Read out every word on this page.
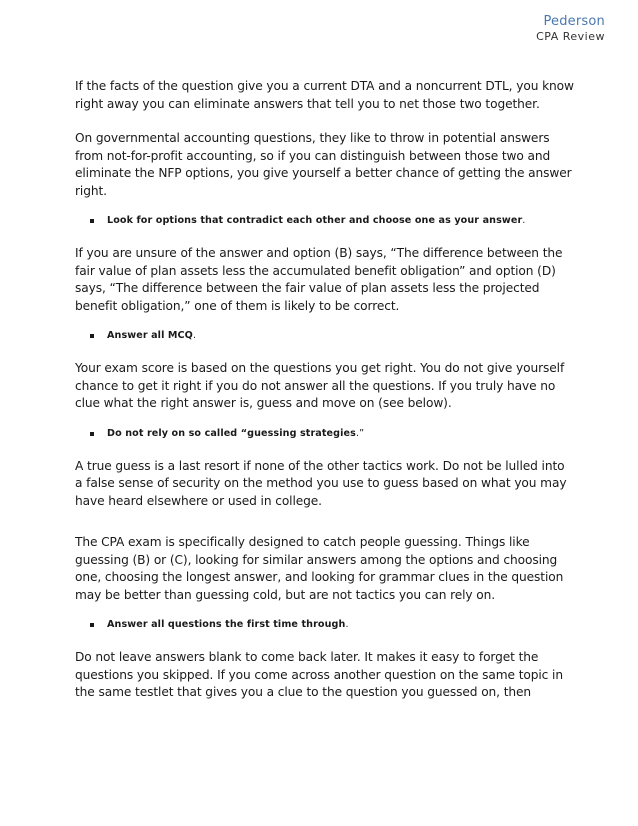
Pederson
CPA Review

If the facts of the question give you a current DTA and a noncurrent DTL, you know right away you can eliminate answers that tell you to net those two together.

On governmental accounting questions, they like to throw in potential answers from not-for-profit accounting, so if you can distinguish between those two and eliminate the NFP options, you give yourself a better chance of getting the answer right.

Look for options that contradict each other and choose one as your answer.

If you are unsure of the answer and option (B) says, “The difference between the fair value of plan assets less the accumulated benefit obligation” and option (D) says, “The difference between the fair value of plan assets less the projected benefit obligation,” one of them is likely to be correct.

Answer all MCQ.

Your exam score is based on the questions you get right. You do not give yourself chance to get it right if you do not answer all the questions. If you truly have no clue what the right answer is, guess and move on (see below).

Do not rely on so called “guessing strategies.”

A true guess is a last resort if none of the other tactics work. Do not be lulled into a false sense of security on the method you use to guess based on what you may have heard elsewhere or used in college.

The CPA exam is specifically designed to catch people guessing. Things like guessing (B) or (C), looking for similar answers among the options and choosing one, choosing the longest answer, and looking for grammar clues in the question may be better than guessing cold, but are not tactics you can rely on.

Answer all questions the first time through.

Do not leave answers blank to come back later. It makes it easy to forget the questions you skipped. If you come across another question on the same topic in the same testlet that gives you a clue to the question you guessed on, then
